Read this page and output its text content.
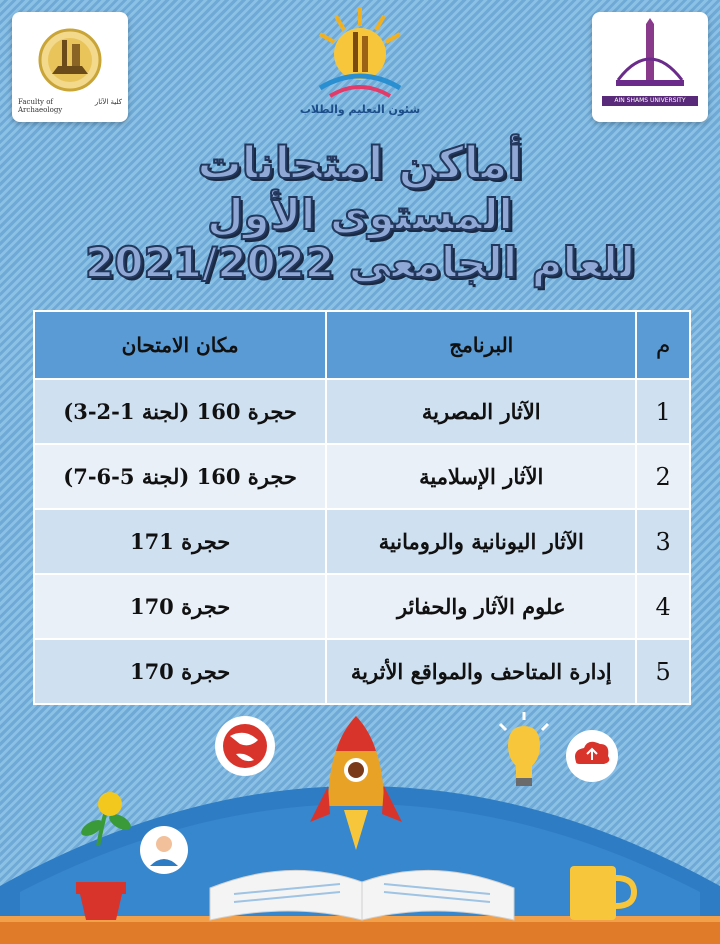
Faculty of Archaeology
كلية الآثار	AIN SHAMS UNIVERSITY
شئون التعليم والطلاب
أماكن امتحانات
المستوى الأول
للعام الجامعى 2021/2022
م	البرنامج	مكان الامتحان
1	الآثار المصرية	حجرة 160 (لجنة 1-2-3)
2	الآثار الإسلامية	حجرة 160 (لجنة 5-6-7)
3	الآثار اليونانية والرومانية	حجرة 171
4	علوم الآثار والحفائر	حجرة 170
5	إدارة المتاحف والمواقع الأثرية	حجرة 170
